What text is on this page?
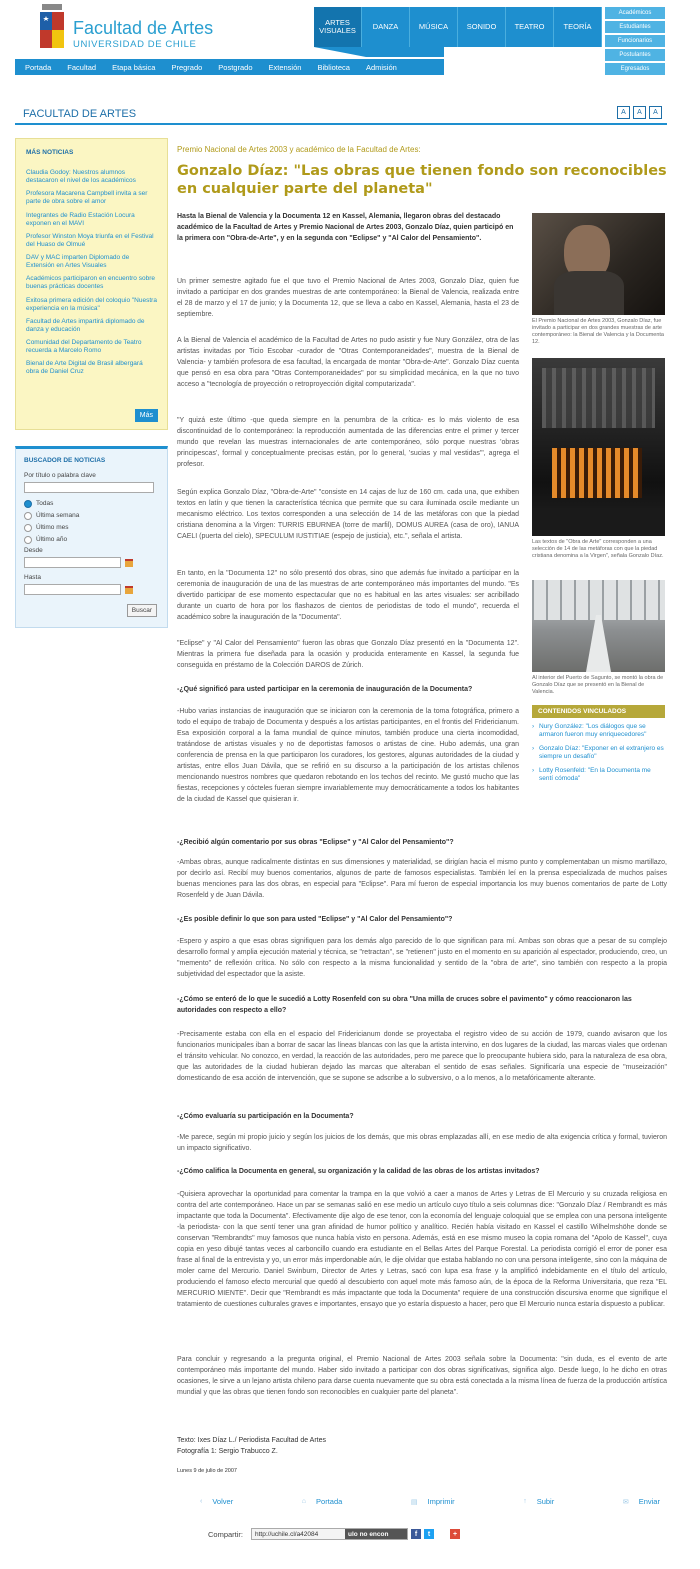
Facultad de Artes
UNIVERSIDAD DE CHILE
ARTES VISUALES	DANZA	MÚSICA	SONIDO	TEATRO	TEORÍA
Académicos
Estudiantes
Funcionarios
Postulantes
Egresados
Portada Facultad Etapa básica Pregrado Postgrado Extensión Biblioteca Admisión
FACULTAD DE ARTES	A	A	A
MÁS NOTICIAS
Claudia Godoy: Nuestros alumnos destacaron el nivel de los académicos
Profesora Macarena Campbell invita a ser parte de obra sobre el amor
Integrantes de Radio Estación Locura exponen en el MAVI
Profesor Winston Moya triunfa en el Festival del Huaso de Olmué
DAV y MAC imparten Diplomado de Extensión en Artes Visuales
Académicos participaron en encuentro sobre buenas prácticas docentes
Exitosa primera edición del coloquio "Nuestra experiencia en la música"
Facultad de Artes impartirá diplomado de danza y educación
Comunidad del Departamento de Teatro recuerda a Marcelo Romo
Bienal de Arte Digital de Brasil albergará obra de Daniel Cruz
Más
BUSCADOR DE NOTICIAS
Por título o palabra clave
Todas
Última semana
Último mes
Último año
Desde
Hasta
Buscar
Premio Nacional de Artes 2003 y académico de la Facultad de Artes:
Gonzalo Díaz: "Las obras que tienen fondo son reconocibles en cualquier parte del planeta"
Hasta la Bienal de Valencia y la Documenta 12 en Kassel, Alemania, llegaron obras del destacado académico de la Facultad de Artes y Premio Nacional de Artes 2003, Gonzalo Díaz, quien participó en la primera con "Obra-de-Arte", y en la segunda con "Eclipse" y "Al Calor del Pensamiento".
Un primer semestre agitado fue el que tuvo el Premio Nacional de Artes 2003, Gonzalo Díaz, quien fue invitado a participar en dos grandes muestras de arte contemporáneo: la Bienal de Valencia, realizada entre el 28 de marzo y el 17 de junio; y la Documenta 12, que se lleva a cabo en Kassel, Alemania, hasta el 23 de septiembre.
A la Bienal de Valencia el académico de la Facultad de Artes no pudo asistir y fue Nury González, otra de las artistas invitadas por Ticio Escobar -curador de "Otras Contemporaneidades", muestra de la Bienal de Valencia- y también profesora de esa facultad, la encargada de montar "Obra-de-Arte". Gonzalo Díaz cuenta que pensó en esa obra para "Otras Contemporaneidades" por su simplicidad mecánica, en la que no tuvo acceso a "tecnología de proyección o retroproyección digital computarizada".
"Y quizá este último -que queda siempre en la penumbra de la crítica- es lo más violento de esa discontinuidad de lo contemporáneo: la reproducción aumentada de las diferencias entre el primer y tercer mundo que revelan las muestras internacionales de arte contemporáneo, sólo porque nuestras 'obras principescas', formal y conceptualmente precisas están, por lo general, 'sucias y mal vestidas'", agrega el profesor.
Según explica Gonzalo Díaz, "Obra-de-Arte" "consiste en 14 cajas de luz de 160 cm. cada una, que exhiben textos en latín y que tienen la característica técnica que permite que su cara iluminada oscile mediante un mecanismo eléctrico. Los textos corresponden a una selección de 14 de las metáforas con que la piedad cristiana denomina a la Virgen: TURRIS EBURNEA (torre de marfil), DOMUS AUREA (casa de oro), IANUA CAELI (puerta del cielo), SPECULUM IUSTITIAE (espejo de justicia), etc.", señala el artista.
En tanto, en la "Documenta 12" no sólo presentó dos obras, sino que además fue invitado a participar en la ceremonia de inauguración de una de las muestras de arte contemporáneo más importantes del mundo. "Es divertido participar de ese momento espectacular que no es habitual en las artes visuales: ser acribillado durante un cuarto de hora por los flashazos de cientos de periodistas de todo el mundo", recuerda el académico sobre la inauguración de la "Documenta".
"Eclipse" y "Al Calor del Pensamiento" fueron las obras que Gonzalo Díaz presentó en la "Documenta 12". Mientras la primera fue diseñada para la ocasión y producida enteramente en Kassel, la segunda fue conseguida en préstamo de la Colección DAROS de Zúrich.
-¿Qué significó para usted participar en la ceremonia de inauguración de la Documenta?
-Hubo varias instancias de inauguración que se iniciaron con la ceremonia de la toma fotográfica, primero a todo el equipo de trabajo de Documenta y después a los artistas participantes, en el frontis del Fridericianum. Esa exposición corporal a la fama mundial de quince minutos, también produce una cierta incomodidad, tratándose de artistas visuales y no de deportistas famosos o artistas de cine. Hubo además, una gran conferencia de prensa en la que participaron los curadores, los gestores, algunas autoridades de la ciudad y artistas, entre ellos Juan Dávila, que se refirió en su discurso a la participación de los artistas chilenos mencionando nuestros nombres que quedaron rebotando en los techos del recinto. Me gustó mucho que las fiestas, recepciones y cócteles fueran siempre invariablemente muy democráticamente a todos los habitantes de la ciudad de Kassel que quisieran ir.
-¿Recibió algún comentario por sus obras "Eclipse" y "Al Calor del Pensamiento"?
-Ambas obras, aunque radicalmente distintas en sus dimensiones y materialidad, se dirigían hacia el mismo punto y complementaban un mismo martillazo, por decirlo así. Recibí muy buenos comentarios, algunos de parte de famosos especialistas. También leí en la prensa especializada de muchos países buenas menciones para las dos obras, en especial para "Eclipse". Para mí fueron de especial importancia los muy buenos comentarios de parte de Lotty Rosenfeld y de Juan Dávila.
-¿Es posible definir lo que son para usted "Eclipse" y "Al Calor del Pensamiento"?
-Espero y aspiro a que esas obras signifiquen para los demás algo parecido de lo que significan para mí. Ambas son obras que a pesar de su complejo desarrollo formal y amplia ejecución material y técnica, se "retractan", se "retienen" justo en el momento en su aparición al espectador, produciendo, creo, un "memento" de reflexión crítica. No sólo con respecto a la misma funcionalidad y sentido de la "obra de arte", sino también con respecto a la propia subjetividad del espectador que la asiste.
-¿Cómo se enteró de lo que le sucedió a Lotty Rosenfeld con su obra "Una milla de cruces sobre el pavimento" y cómo reaccionaron las autoridades con respecto a ello?
-Precisamente estaba con ella en el espacio del Fridericianum donde se proyectaba el registro video de su acción de 1979, cuando avisaron que los funcionarios municipales iban a borrar de sacar las líneas blancas con las que la artista intervino, en dos lugares de la ciudad, las marcas viales que ordenan el tránsito vehicular. No conozco, en verdad, la reacción de las autoridades, pero me parece que lo preocupante hubiera sido, para la naturaleza de esa obra, que las autoridades de la ciudad hubieran dejado las marcas que alteraban el sentido de esas señales. Significaría una especie de "museización" domesticando de esa acción de intervención, que se supone se adscribe a lo subversivo, o a lo menos, a lo metafóricamente alterante.
-¿Cómo evaluaría su participación en la Documenta?
-Me parece, según mi propio juicio y según los juicios de los demás, que mis obras emplazadas allí, en ese medio de alta exigencia crítica y formal, tuvieron un impacto significativo.
-¿Cómo califica la Documenta en general, su organización y la calidad de las obras de los artistas invitados?
-Quisiera aprovechar la oportunidad para comentar la trampa en la que volvió a caer a manos de Artes y Letras de El Mercurio y su cruzada religiosa en contra del arte contemporáneo. Hace un par se semanas salió en ese medio un artículo cuyo título a seis columnas dice: "Gonzalo Díaz / Rembrandt es más impactante que toda la Documenta". Efectivamente dije algo de ese tenor, con la economía del lenguaje coloquial que se emplea con una persona inteligente -la periodista- con la que sentí tener una gran afinidad de humor político y analítico. Recién había visitado en Kassel el castillo Wilhelmshöhe donde se conservan "Rembrandts" muy famosos que nunca había visto en persona. Además, está en ese mismo museo la copia romana del "Apolo de Kassel", cuya copia en yeso dibujé tantas veces al carboncillo cuando era estudiante en el Bellas Artes del Parque Forestal. La periodista corrigió el error de poner esa frase al final de la entrevista y yo, un error más imperdonable aún, le dije olvidar que estaba hablando no con una persona inteligente, sino con la máquina de moler carne del Mercurio. Daniel Swinburn, Director de Artes y Letras, sacó con lupa esa frase y la amplificó indebidamente en el título del artículo, produciendo el famoso efecto mercurial que quedó al descubierto con aquel mote más famoso aún, de la época de la Reforma Universitaria, que reza "EL MERCURIO MIENTE". Decir que "Rembrandt es más impactante que toda la Documenta" requiere de una construcción discursiva enorme que signifique el tratamiento de cuestiones culturales graves e importantes, ensayo que yo estaría dispuesto a hacer, pero que El Mercurio nunca estaría dispuesto a publicar.
Para concluir y regresando a la pregunta original, el Premio Nacional de Artes 2003 señala sobre la Documenta: "sin duda, es el evento de arte contemporáneo más importante del mundo. Haber sido invitado a participar con dos obras significativas, significa algo. Desde luego, lo he dicho en otras ocasiones, le sirve a un lejano artista chileno para darse cuenta nuevamente que su obra está conectada a la misma línea de fuerza de la producción artística mundial y que las obras que tienen fondo son reconocibles en cualquier parte del planeta".
Texto: Ixes Díaz L./ Periodista Facultad de Artes
Fotografía 1: Sergio Trabucco Z.
Lunes 9 de julio de 2007
El Premio Nacional de Artes 2003, Gonzalo Díaz, fue invitado a participar en dos grandes muestras de arte contemporáneo: la Bienal de Valencia y la Documenta 12.
Las textos de "Obra de Arte" corresponden a una selección de 14 de las metáforas con que la piedad cristiana denomina a la Virgen", señala Gonzalo Díaz.
Al interior del Puerto de Sagunto, se montó la obra de Gonzalo Díaz que se presentó en la Bienal de Valencia.
CONTENIDOS VINCULADOS
› Nury González: "Los diálogos que se armaron fueron muy enriquecedores"
› Gonzalo Díaz: "Exponer en el extranjero es siempre un desafío"
› Lotty Rosenfeld: "En la Documenta me sentí cómoda"
‹ Volver	⌂ Portada	▤ Imprimir	↑ Subir	✉ Enviar
Compartir: http://uchile.cl/a42084	ulo no encon	f	t	+
